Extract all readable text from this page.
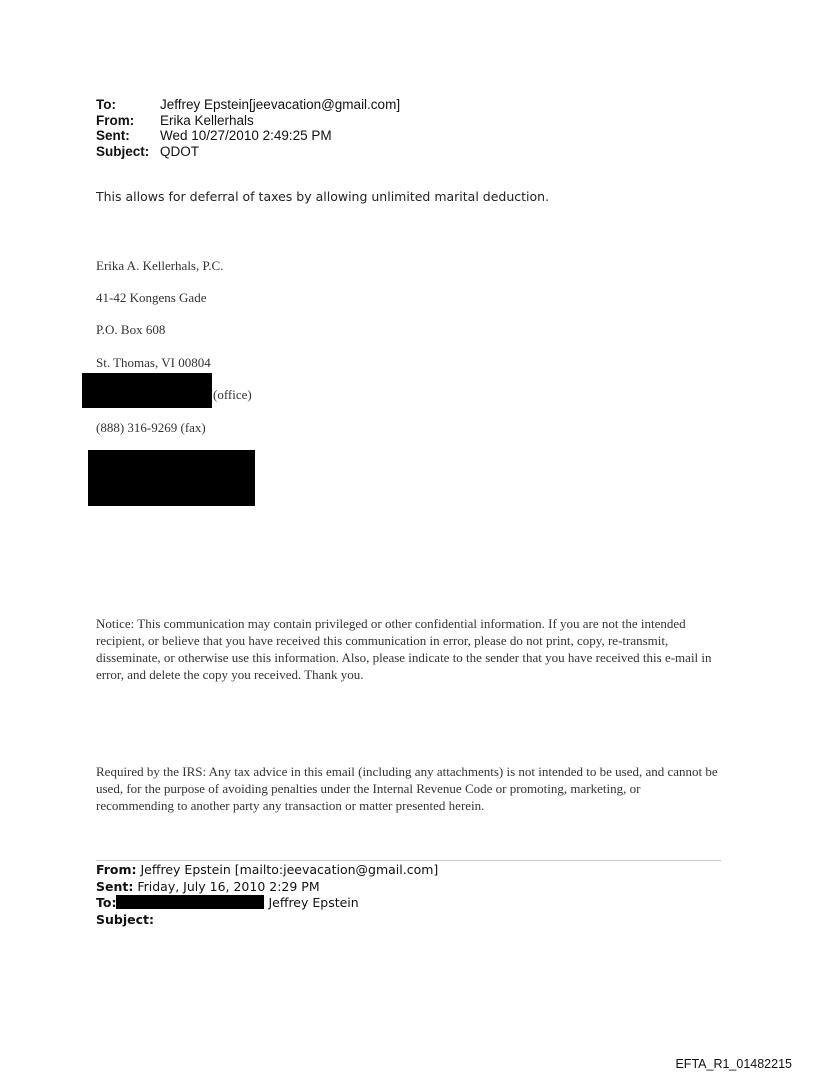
To:	Jeffrey Epstein[jeevacation@gmail.com]
From:	Erika Kellerhals
Sent:	Wed 10/27/2010 2:49:25 PM
Subject: QDOT
This allows for deferral of taxes by allowing unlimited marital deduction.
Erika A. Kellerhals, P.C.
41-42 Kongens Gade
P.O. Box 608
St. Thomas, VI 00804
(office)
(888) 316-9269 (fax)

Notice: This communication may contain privileged or other confidential information. If you are not the intended recipient, or believe that you have received this communication in error, please do not print, copy, re-transmit, disseminate, or otherwise use this information. Also, please indicate to the sender that you have received this e-mail in error, and delete the copy you received. Thank you.

Required by the IRS: Any tax advice in this email (including any attachments) is not intended to be used, and cannot be used, for the purpose of avoiding penalties under the Internal Revenue Code or promoting, marketing, or recommending to another party any transaction or matter presented herein.

From: Jeffrey Epstein [mailto:jeevacation@gmail.com]
Sent: Friday, July 16, 2010 2:29 PM
To:	Jeffrey Epstein
Subject:
EFTA_R1_01482215
